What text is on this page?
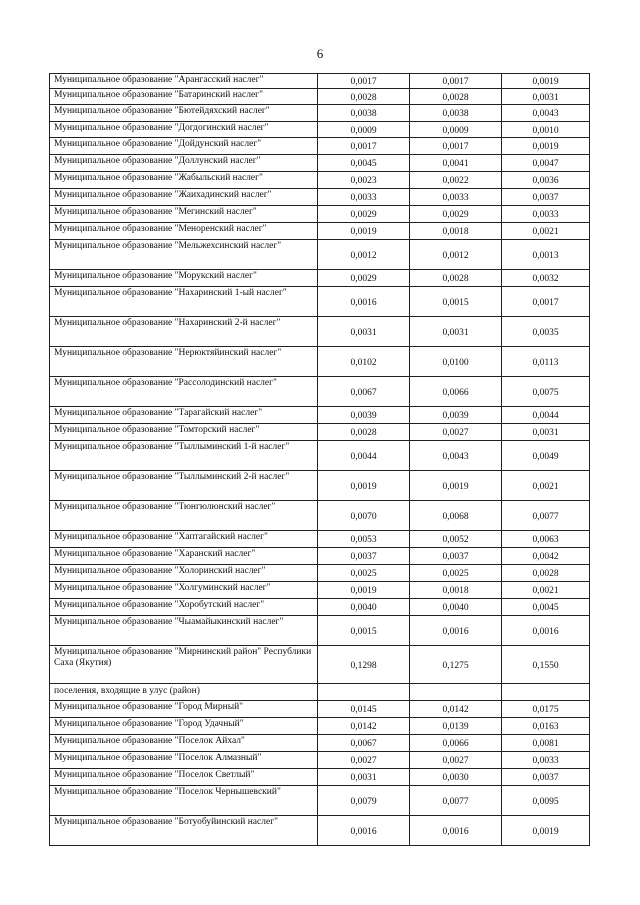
6
Муниципальное образование "Арангасский наслег"	0,0017	0,0017	0,0019
Муниципальное образование "Батаринский наслег"	0,0028	0,0028	0,0031
Муниципальное образование "Бютейдяхский наслег"	0,0038	0,0038	0,0043
Муниципальное образование "Догдогинский наслег"	0,0009	0,0009	0,0010
Муниципальное образование "Дойдунский наслег"	0,0017	0,0017	0,0019
Муниципальное образование "Доллунский наслег"	0,0045	0,0041	0,0047
Муниципальное образование "Жабыльский наслег"	0,0023	0,0022	0,0036
Муниципальное образование "Жаихадинский наслег"	0,0033	0,0033	0,0037
Муниципальное образование "Мегинский наслег"	0,0029	0,0029	0,0033
Муниципальное образование "Меноренский наслег"	0,0019	0,0018	0,0021
Муниципальное образование "Мельжехсинский наслег"	0,0012	0,0012	0,0013
Муниципальное образование "Морукский наслег"	0,0029	0,0028	0,0032
Муниципальное образование "Нахаринский 1-ый наслег"	0,0016	0,0015	0,0017
Муниципальное образование "Нахаринский 2-й наслег"	0,0031	0,0031	0,0035
Муниципальное образование "Нерюктяйинский наслег"	0,0102	0,0100	0,0113
Муниципальное образование "Рассолодинский наслег"	0,0067	0,0066	0,0075
Муниципальное образование "Тарагайский наслег"	0,0039	0,0039	0,0044
Муниципальное образование "Томторский наслег"	0,0028	0,0027	0,0031
Муниципальное образование "Тыллыминский 1-й наслег"	0,0044	0,0043	0,0049
Муниципальное образование "Тыллыминский 2-й наслег"	0,0019	0,0019	0,0021
Муниципальное образование "Тюнгюлюнский наслег"	0,0070	0,0068	0,0077
Муниципальное образование "Хаптагайский наслег"	0,0053	0,0052	0,0063
Муниципальное образование "Харанский наслег"	0,0037	0,0037	0,0042
Муниципальное образование "Холоринский наслег"	0,0025	0,0025	0,0028
Муниципальное образование "Холгуминский наслег"	0,0019	0,0018	0,0021
Муниципальное образование "Хоробутский наслег"	0,0040	0,0040	0,0045
Муниципальное образование "Чыамайыкинский наслег"	0,0015	0,0016	0,0016
Муниципальное образование "Мирнинский район" Республики Саха (Якутия)	0,1298	0,1275	0,1550
поселения, входящие в улус (район)			
Муниципальное образование "Город Мирный"	0,0145	0,0142	0,0175
Муниципальное образование "Город Удачный"	0,0142	0,0139	0,0163
Муниципальное образование "Поселок Айхал"	0,0067	0,0066	0,0081
Муниципальное образование "Поселок Алмазный"	0,0027	0,0027	0,0033
Муниципальное образование "Поселок Светлый"	0,0031	0,0030	0,0037
Муниципальное образование "Поселок Чернышевский"	0,0079	0,0077	0,0095
Муниципальное образование "Ботуобуйинский наслег"	0,0016	0,0016	0,0019
